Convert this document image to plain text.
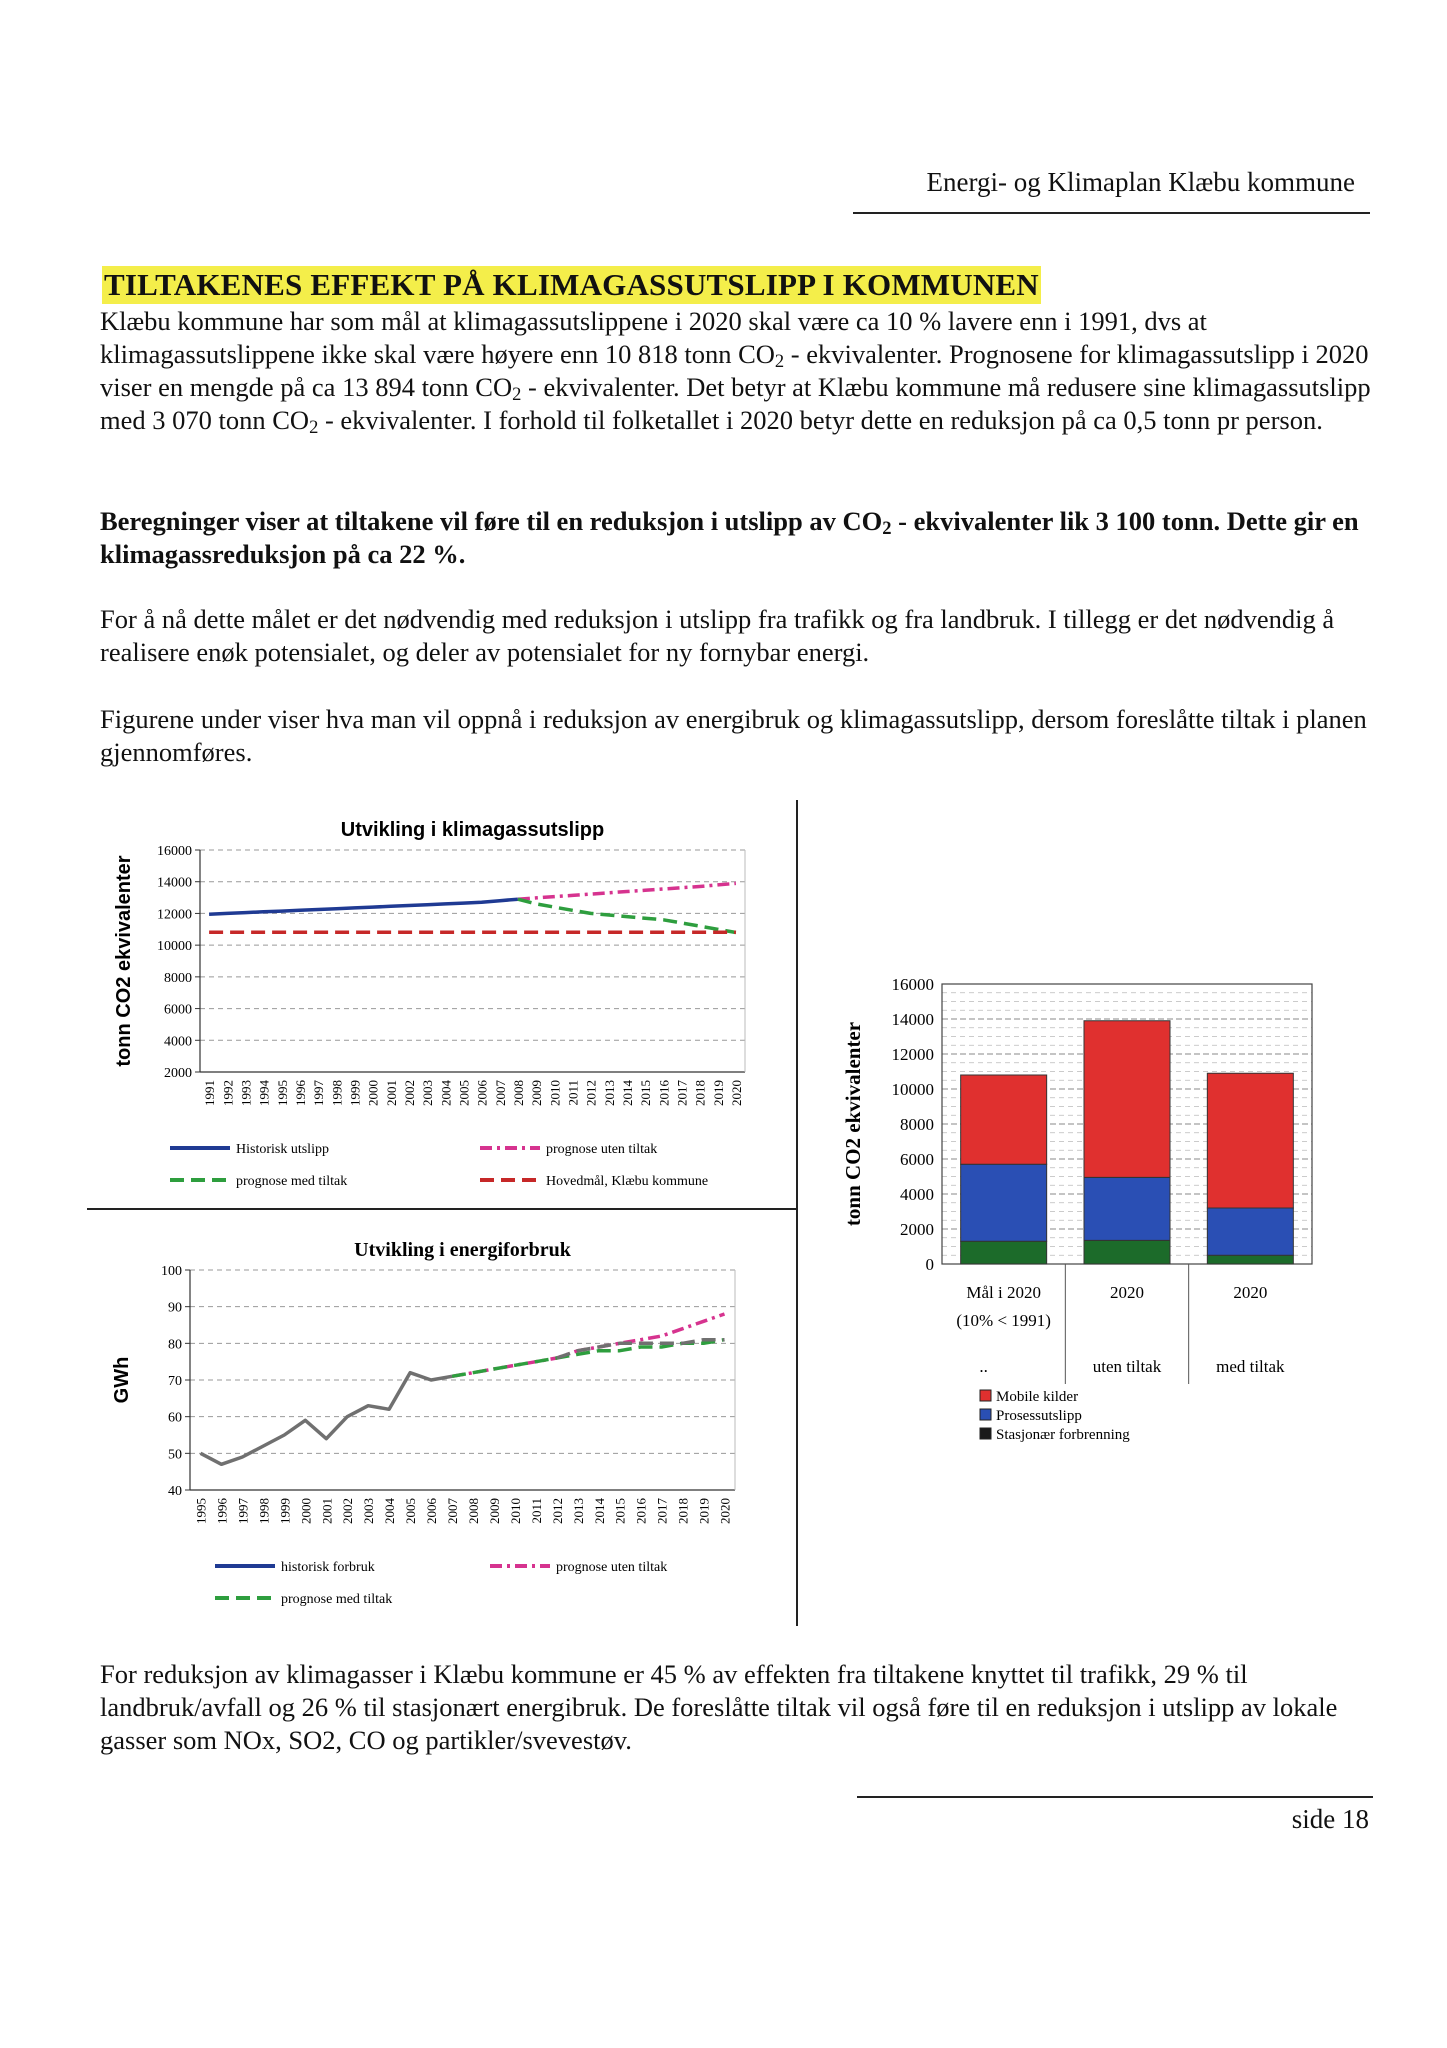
Energi- og Klimaplan Klæbu kommune
TILTAKENES EFFEKT PÅ KLIMAGASSUTSLIPP I KOMMUNEN
Klæbu kommune har som mål at klimagassutslippene i 2020 skal være ca 10 % lavere enn i 1991, dvs at klimagassutslippene ikke skal være høyere enn 10 818 tonn $CO_2$ - ekvivalenter. Prognosene for klimagassutslipp i 2020 viser en mengde på ca 13 894 tonn $CO_2$ - ekvivalenter. Det betyr at Klæbu kommune må redusere sine klimagassutslipp med 3 070 tonn $CO_2$ - ekvivalenter. I forhold til folketallet i 2020 betyr dette en reduksjon på ca 0,5 tonn pr person.
Beregninger viser at tiltakene vil føre til en reduksjon i utslipp av $CO_2$ - ekvivalenter lik 3 100 tonn. Dette gir en klimagassreduksjon på ca 22 %.
For å nå dette målet er det nødvendig med reduksjon i utslipp fra trafikk og fra landbruk. I tillegg er det nødvendig å realisere enøk potensialet, og deler av potensialet for ny fornybar energi.
Figurene under viser hva man vil oppnå i reduksjon av energibruk og klimagassutslipp, dersom foreslåtte tiltak i planen gjennomføres.
Utvikling i klimagassutslipp
16000
14000
12000
10000
8000
6000
4000
2000
1991 1992 1993 1994 1995 1996 1997 1998 1999 2000 2001 2002 2003 2004 2005 2006 2007 2008 2009 2010 2011 2012 2013 2014 2015 2016 2017 2018 2019 2020
tonn CO2 ekvivalenter
Historisk utslipp	prognose uten tiltak
prognose med tiltak	Hovedmål, Klæbu kommune
Utvikling i energiforbruk
100
90
80
70
60
50
40
1995 1996 1997 1998 1999 2000 2001 2002 2003 2004 2005 2006 2007 2008 2009 2010 2011 2012 2013 2014 2015 2016 2017 2018 2019 2020
GWh
historisk forbruk	prognose uten tiltak
prognose med tiltak
16000
14000
12000
10000
8000
6000
4000
2000
0
Mål i 2020
(10% < 1991)
..
2020
uten tiltak
2020
med tiltak
tonn CO2 ekvivalenter
Mobile kilder
Prosessutslipp
Stasjonær forbrenning
For reduksjon av klimagasser i Klæbu kommune er 45 % av effekten fra tiltakene knyttet til trafikk, 29 % til landbruk/avfall og 26 % til stasjonært energibruk. De foreslåtte tiltak vil også føre til en reduksjon i utslipp av lokale gasser som NOx, SO2, CO og partikler/svevestøv.
side 18
